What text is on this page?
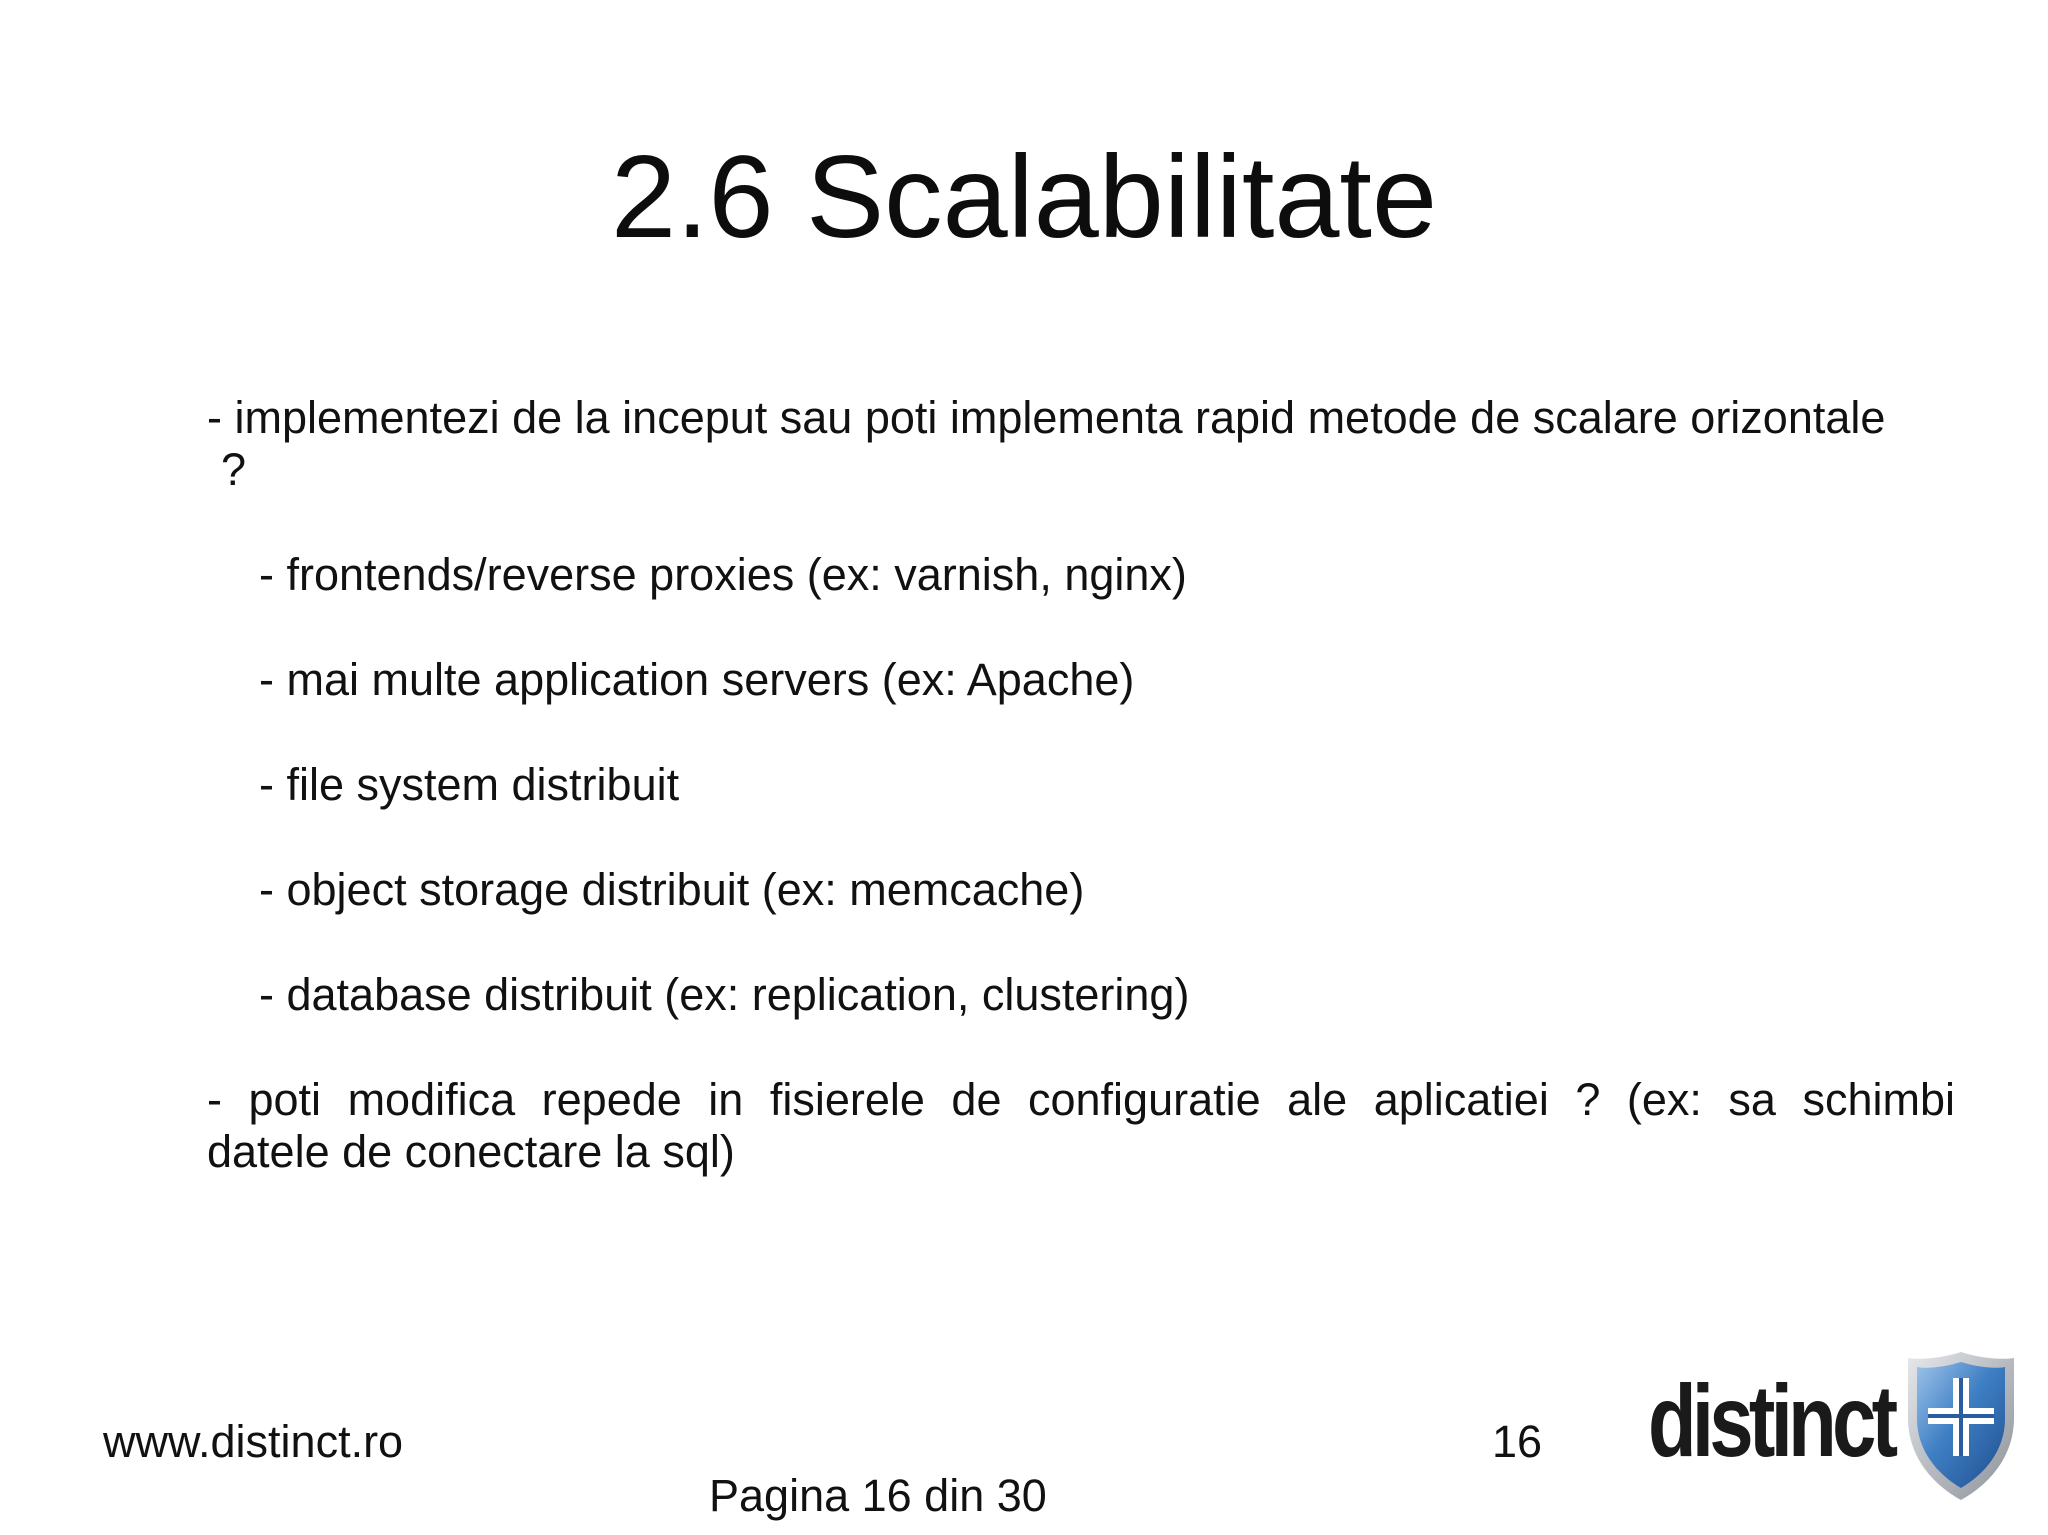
2.6 Scalabilitate

- implementezi de la inceput sau poti implementa rapid metode de scalare orizontale

?

- frontends/reverse proxies (ex: varnish, nginx)

- mai multe application servers (ex: Apache)

- file system distribuit

- object storage distribuit (ex: memcache)

- database distribuit (ex: replication, clustering)

- poti modifica repede in fisierele de configuratie ale aplicatiei ? (ex: sa schimbi

datele de conectare la sql)

www.distinct.ro	16
Pagina 16 din 30
distinct
